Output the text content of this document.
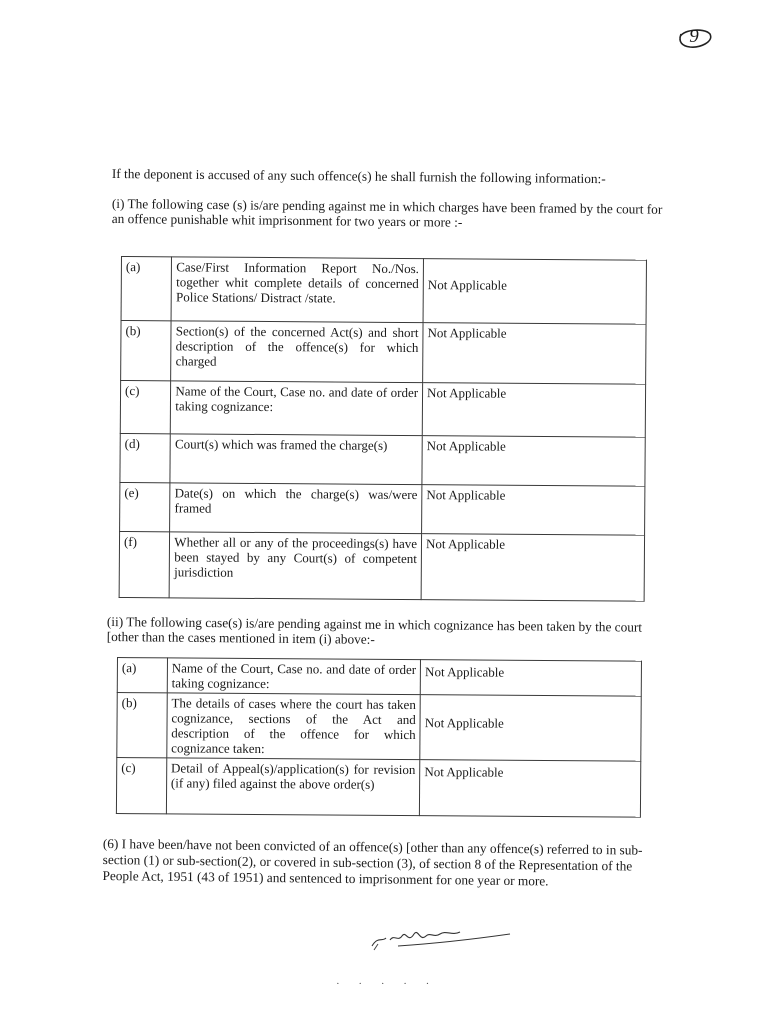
9

If the deponent is accused of any such offence(s) he shall furnish the following information:-

(i) The following case (s) is/are pending against me in which charges have been framed by the court for an offence punishable whit imprisonment for two years or more :-

(a)	Case/First Information Report No./Nos. together whit complete details of concerned Police Stations/ Distract /state.	Not Applicable
(b)	Section(s) of the concerned Act(s) and short description of the offence(s) for which charged	Not Applicable
(c)	Name of the Court, Case no. and date of order taking cognizance:	Not Applicable
(d)	Court(s) which was framed the charge(s)	Not Applicable
(e)	Date(s) on which the charge(s) was/were framed	Not Applicable
(f)	Whether all or any of the proceedings(s) have been stayed by any Court(s) of competent jurisdiction	Not Applicable

(ii) The following case(s) is/are pending against me in which cognizance has been taken by the court [other than the cases mentioned in item (i) above:-

(a)	Name of the Court, Case no. and date of order taking cognizance:	Not Applicable
(b)	The details of cases where the court has taken cognizance, sections of the Act and description of the offence for which cognizance taken:	Not Applicable
(c)	Detail of Appeal(s)/application(s) for revision (if any) filed against the above order(s)	Not Applicable

(6) I have been/have not been convicted of an offence(s) [other than any offence(s) referred to in sub-section (1) or sub-section(2), or covered in sub-section (3), of section 8 of the Representation of the People Act, 1951 (43 of 1951) and sentenced to imprisonment for one year or more.

· · · · ·
